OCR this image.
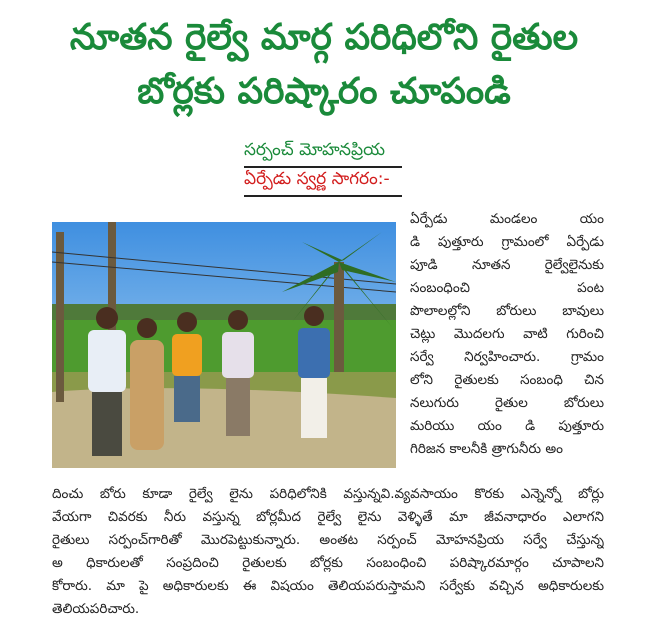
నూతన రైల్వే మార్గ పరిధిలోని రైతుల
బోర్లకు పరిష్కారం చూపండి
సర్పంచ్ మోహనప్రియ
ఏర్పేడు స్వర్ణ సాగరం:-
ఏర్పేడు మండలం యం
డి పుత్తూరు గ్రామంలో ఏర్పేడు
పూడి నూతన రైల్వేలైనుకు
సంబంధించి పంట
పొలాలల్లోని బోరులు బావులు
చెట్లు మొదలగు వాటి గురించి
సర్వే నిర్వహించారు. గ్రామం
లోని రైతులకు సంబంధి చిన
నలుగురు రైతుల బోరులు
మరియు యం డి పుత్తూరు
గిరిజన కాలనీకి త్రాగునీరు అం
దించు బోరు కూడా రైల్వే లైను పరిధిలోనికి వస్తున్నవి.వ్యవసాయం కొరకు ఎన్నెన్నో బోర్లు
వేయగా చివరకు నీరు వస్తున్న బోర్లమీద రైల్వే లైను వెళ్ళితే మా జీవనాధారం ఎలాగని
రైతులు సర్పంచ్‌గారితో మొరపెట్టుకున్నారు. అంతట సర్పంచ్ మోహనప్రియ సర్వే చేస్తున్న
అ ధికారులతో సంప్రదించి రైతులకు బోర్లకు సంబంధించి పరిష్కారమార్గం చూపాలని
కోరారు. మా పై అధికారులకు ఈ విషయం తెలియపరుస్తామని సర్వేకు వచ్చిన అధికారులకు
తెలియపరిచారు.
